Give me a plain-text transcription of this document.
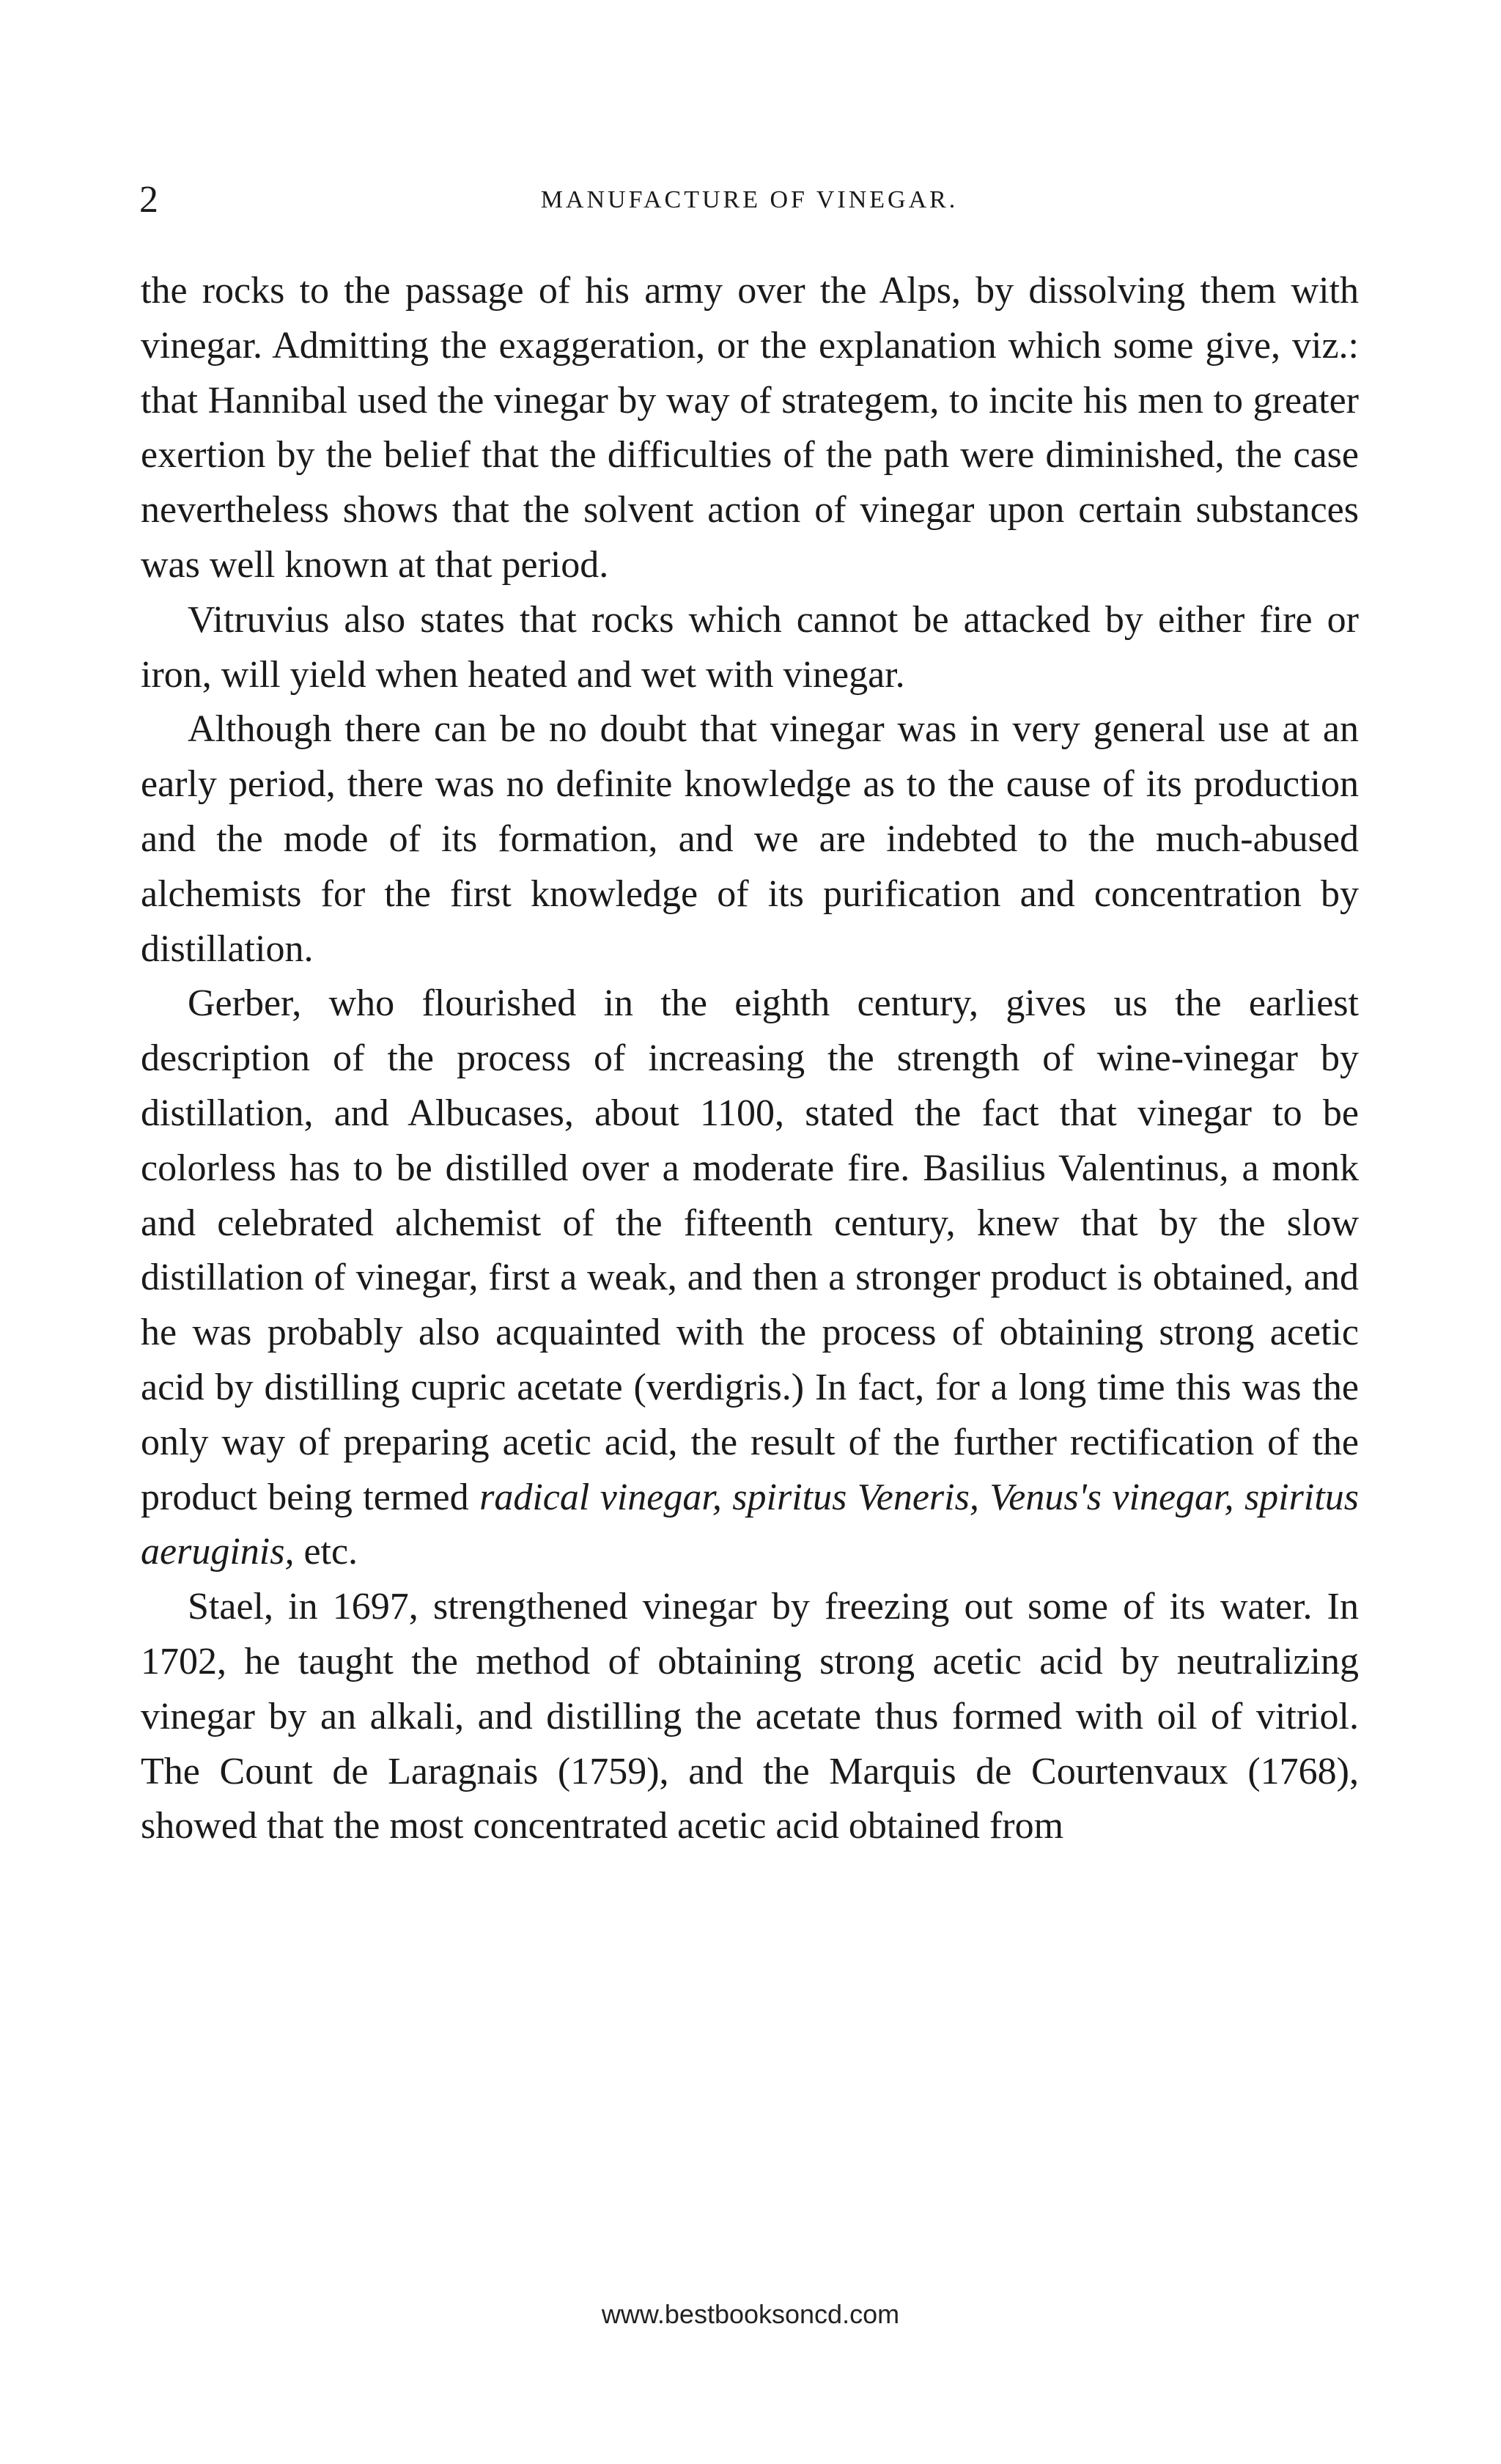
2	MANUFACTURE OF VINEGAR.

the rocks to the passage of his army over the Alps, by dissolving them with vinegar. Admitting the exaggeration, or the explanation which some give, viz.: that Hannibal used the vinegar by way of strategem, to incite his men to greater exertion by the belief that the difficulties of the path were diminished, the case nevertheless shows that the solvent action of vinegar upon certain substances was well known at that period.

Vitruvius also states that rocks which cannot be attacked by either fire or iron, will yield when heated and wet with vinegar.

Although there can be no doubt that vinegar was in very general use at an early period, there was no definite knowledge as to the cause of its production and the mode of its formation, and we are indebted to the much-abused alchemists for the first knowledge of its purification and concentration by distillation.

Gerber, who flourished in the eighth century, gives us the earliest description of the process of increasing the strength of wine-vinegar by distillation, and Albucases, about 1100, stated the fact that vinegar to be colorless has to be distilled over a moderate fire. Basilius Valentinus, a monk and celebrated alchemist of the fifteenth century, knew that by the slow distillation of vinegar, first a weak, and then a stronger product is obtained, and he was probably also acquainted with the process of obtaining strong acetic acid by distilling cupric acetate (verdigris.) In fact, for a long time this was the only way of preparing acetic acid, the result of the further rectification of the product being termed radical vinegar, spiritus Veneris, Venus's vinegar, spiritus aeruginis, etc.

Stael, in 1697, strengthened vinegar by freezing out some of its water. In 1702, he taught the method of obtaining strong acetic acid by neutralizing vinegar by an alkali, and distilling the acetate thus formed with oil of vitriol. The Count de Laragnais (1759), and the Marquis de Courtenvaux (1768), showed that the most concentrated acetic acid obtained from

www.bestbooksoncd.com
